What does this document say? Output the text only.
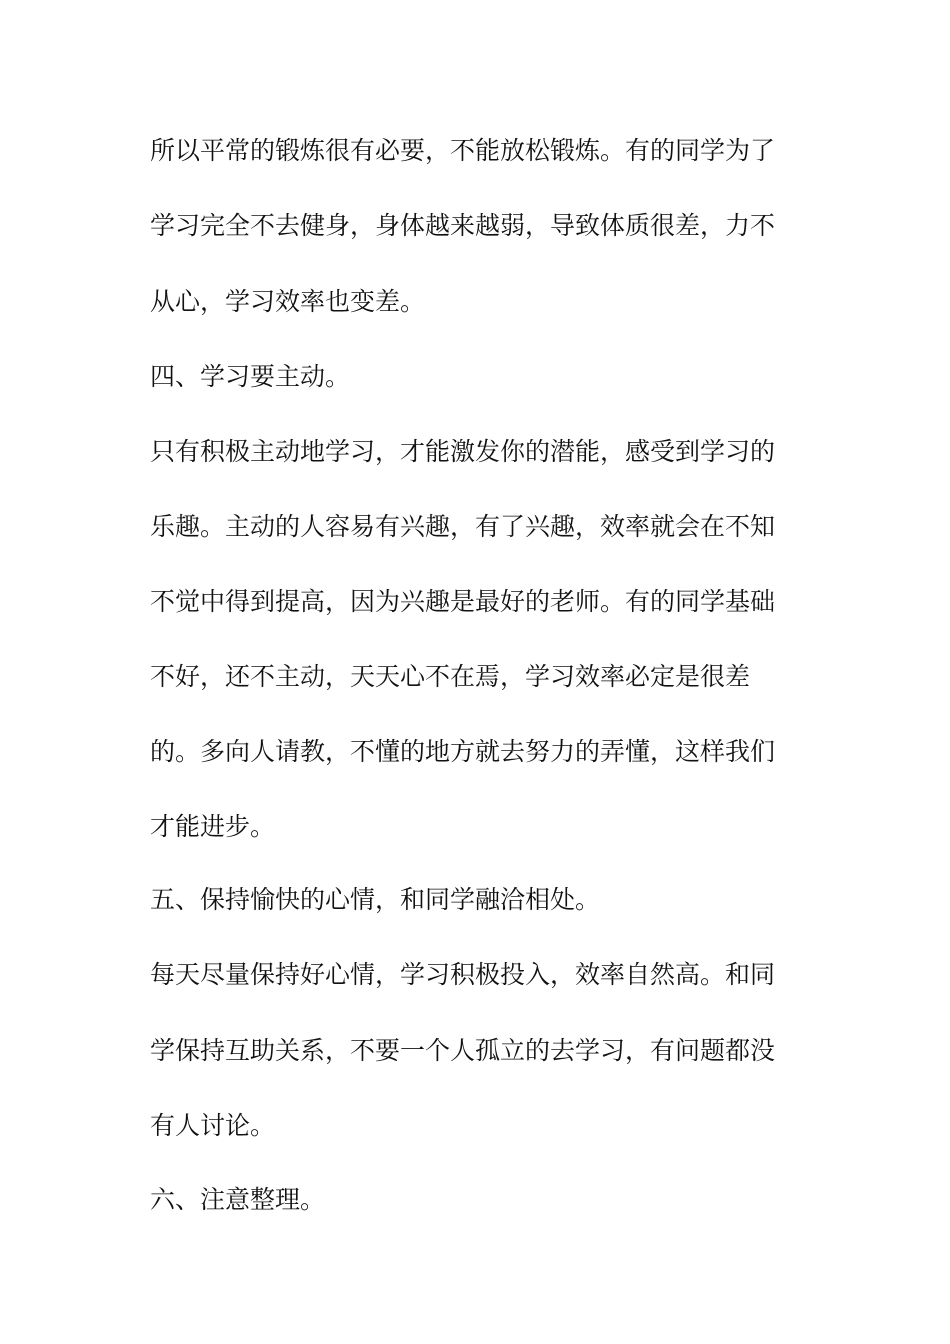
所以平常的锻炼很有必要，不能放松锻炼。有的同学为了
学习完全不去健身，身体越来越弱，导致体质很差，力不
从心，学习效率也变差。
四、学习要主动。
只有积极主动地学习，才能激发你的潜能，感受到学习的
乐趣。主动的人容易有兴趣，有了兴趣，效率就会在不知
不觉中得到提高，因为兴趣是最好的老师。有的同学基础
不好，还不主动，天天心不在焉，学习效率必定是很差
的。多向人请教，不懂的地方就去努力的弄懂，这样我们
才能进步。
五、保持愉快的心情，和同学融洽相处。
每天尽量保持好心情，学习积极投入，效率自然高。和同
学保持互助关系，不要一个人孤立的去学习，有问题都没
有人讨论。
六、注意整理。
